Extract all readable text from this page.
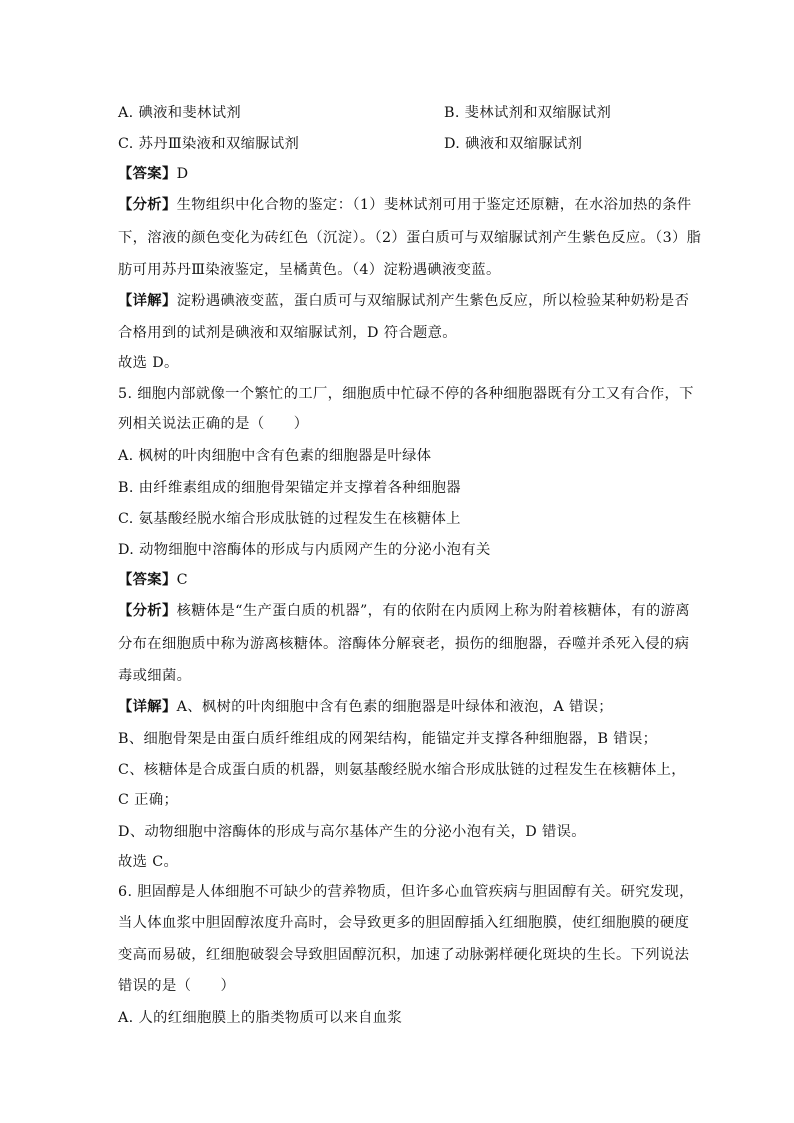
A. 碘液和斐林试剂	B. 斐林试剂和双缩脲试剂
C. 苏丹Ⅲ染液和双缩脲试剂	D. 碘液和双缩脲试剂
【答案】D
【分析】生物组织中化合物的鉴定：（1）斐林试剂可用于鉴定还原糖，在水浴加热的条件
下，溶液的颜色变化为砖红色（沉淀）。（2）蛋白质可与双缩脲试剂产生紫色反应。（3）脂
肪可用苏丹Ⅲ染液鉴定，呈橘黄色。（4）淀粉遇碘液变蓝。
【详解】淀粉遇碘液变蓝，蛋白质可与双缩脲试剂产生紫色反应，所以检验某种奶粉是否
合格用到的试剂是碘液和双缩脲试剂，D 符合题意。
故选 D。
5. 细胞内部就像一个繁忙的工厂，细胞质中忙碌不停的各种细胞器既有分工又有合作，下
列相关说法正确的是（　　）
A. 枫树的叶肉细胞中含有色素的细胞器是叶绿体
B. 由纤维素组成的细胞骨架锚定并支撑着各种细胞器
C. 氨基酸经脱水缩合形成肽链的过程发生在核糖体上
D. 动物细胞中溶酶体的形成与内质网产生的分泌小泡有关
【答案】C
【分析】核糖体是“生产蛋白质的机器”，有的依附在内质网上称为附着核糖体，有的游离
分布在细胞质中称为游离核糖体。溶酶体分解衰老，损伤的细胞器，吞噬并杀死入侵的病
毒或细菌。
【详解】A、枫树的叶肉细胞中含有色素的细胞器是叶绿体和液泡，A 错误；
B、细胞骨架是由蛋白质纤维组成的网架结构，能锚定并支撑各种细胞器，B 错误；
C、核糖体是合成蛋白质的机器，则氨基酸经脱水缩合形成肽链的过程发生在核糖体上，
C 正确；
D、动物细胞中溶酶体的形成与高尔基体产生的分泌小泡有关，D 错误。
故选 C。
6. 胆固醇是人体细胞不可缺少的营养物质，但许多心血管疾病与胆固醇有关。研究发现，
当人体血浆中胆固醇浓度升高时，会导致更多的胆固醇插入红细胞膜，使红细胞膜的硬度
变高而易破，红细胞破裂会导致胆固醇沉积，加速了动脉粥样硬化斑块的生长。下列说法
错误的是（　　）
A. 人的红细胞膜上的脂类物质可以来自血浆
